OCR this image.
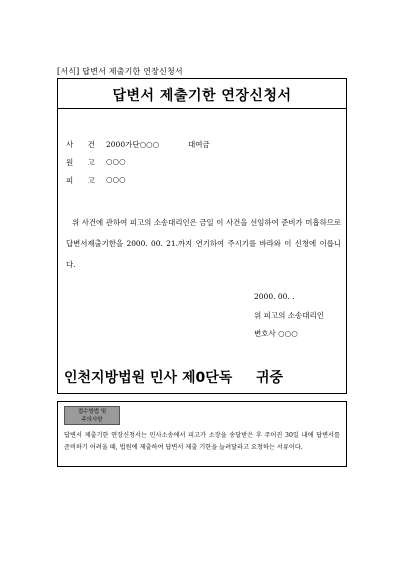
[서식] 답변서 제출기한 연장신청서
답변서 제출기한 연장신청서
사 건 2000가단○○○	대여금
원 고 ○○○
피 고 ○○○
위 사건에 관하여 피고의 소송대리인은 금일 이 사건을 선임하여 준비가 미흡하므로 답변서제출기한을 2000. 00. 21.까지 연기하여 주시기를 바라와 이 신청에 이릅니다.
2000. 00. .
위 피고의 소송대리인
변호사 ○○○
인천지방법원 민사 제0단독 귀중
접수방법 및
주의사항
답변서 제출기한 연장신청서는 민사소송에서 피고가 소장을 송달받은 후 주어진 30일 내에 답변서를 준비하기 어려울 때, 법원에 제출하여 답변서 제출 기한을 늘려달라고 요청하는 서류이다.
